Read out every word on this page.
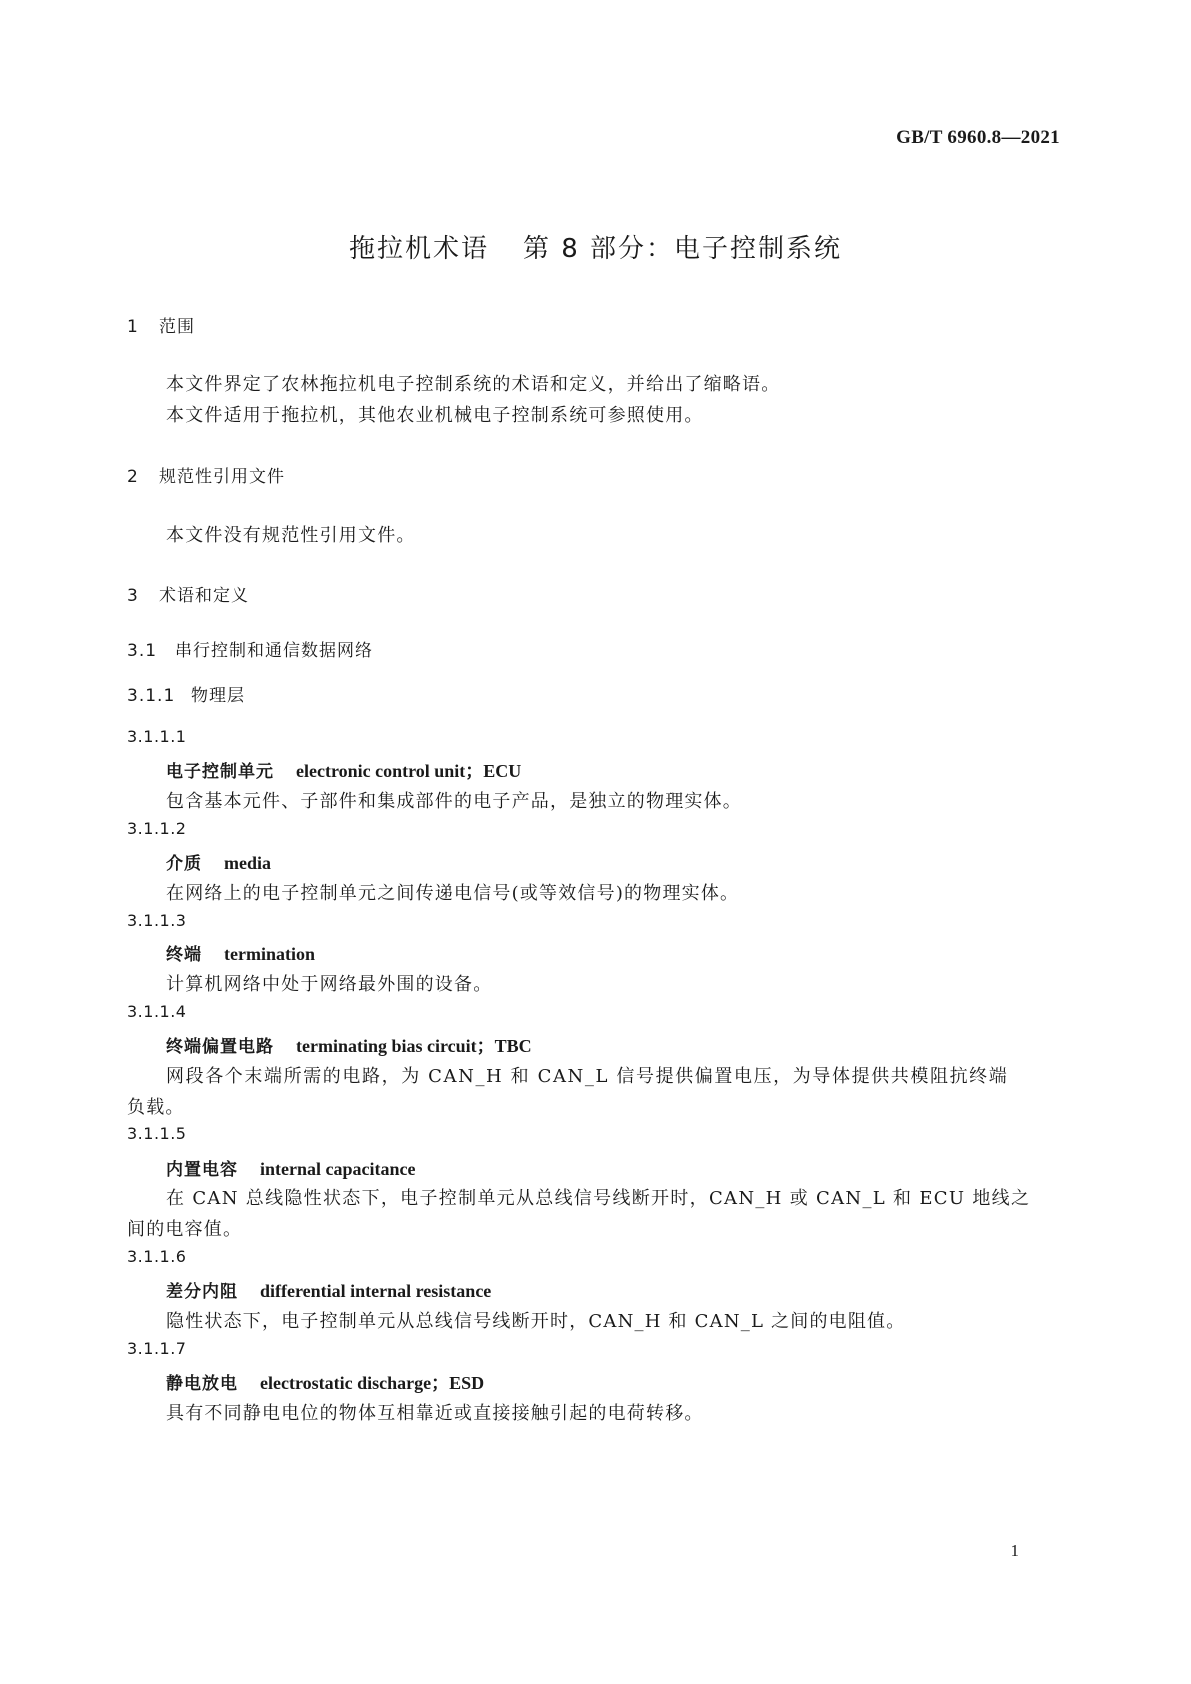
GB/T 6960.8—2021
拖拉机术语 第 8 部分：电子控制系统
1 范围
本文件界定了农林拖拉机电子控制系统的术语和定义，并给出了缩略语。
本文件适用于拖拉机，其他农业机械电子控制系统可参照使用。
2 规范性引用文件
本文件没有规范性引用文件。
3 术语和定义
3.1 串行控制和通信数据网络
3.1.1 物理层
3.1.1.1
电子控制单元 electronic control unit；ECU
包含基本元件、子部件和集成部件的电子产品，是独立的物理实体。
3.1.1.2
介质 media
在网络上的电子控制单元之间传递电信号(或等效信号)的物理实体。
3.1.1.3
终端 termination
计算机网络中处于网络最外围的设备。
3.1.1.4
终端偏置电路 terminating bias circuit；TBC
网段各个末端所需的电路，为 CAN_H 和 CAN_L 信号提供偏置电压，为导体提供共模阻抗终端
负载。
3.1.1.5
内置电容 internal capacitance
在 CAN 总线隐性状态下，电子控制单元从总线信号线断开时，CAN_H 或 CAN_L 和 ECU 地线之
间的电容值。
3.1.1.6
差分内阻 differential internal resistance
隐性状态下，电子控制单元从总线信号线断开时，CAN_H 和 CAN_L 之间的电阻值。
3.1.1.7
静电放电 electrostatic discharge；ESD
具有不同静电电位的物体互相靠近或直接接触引起的电荷转移。
1
